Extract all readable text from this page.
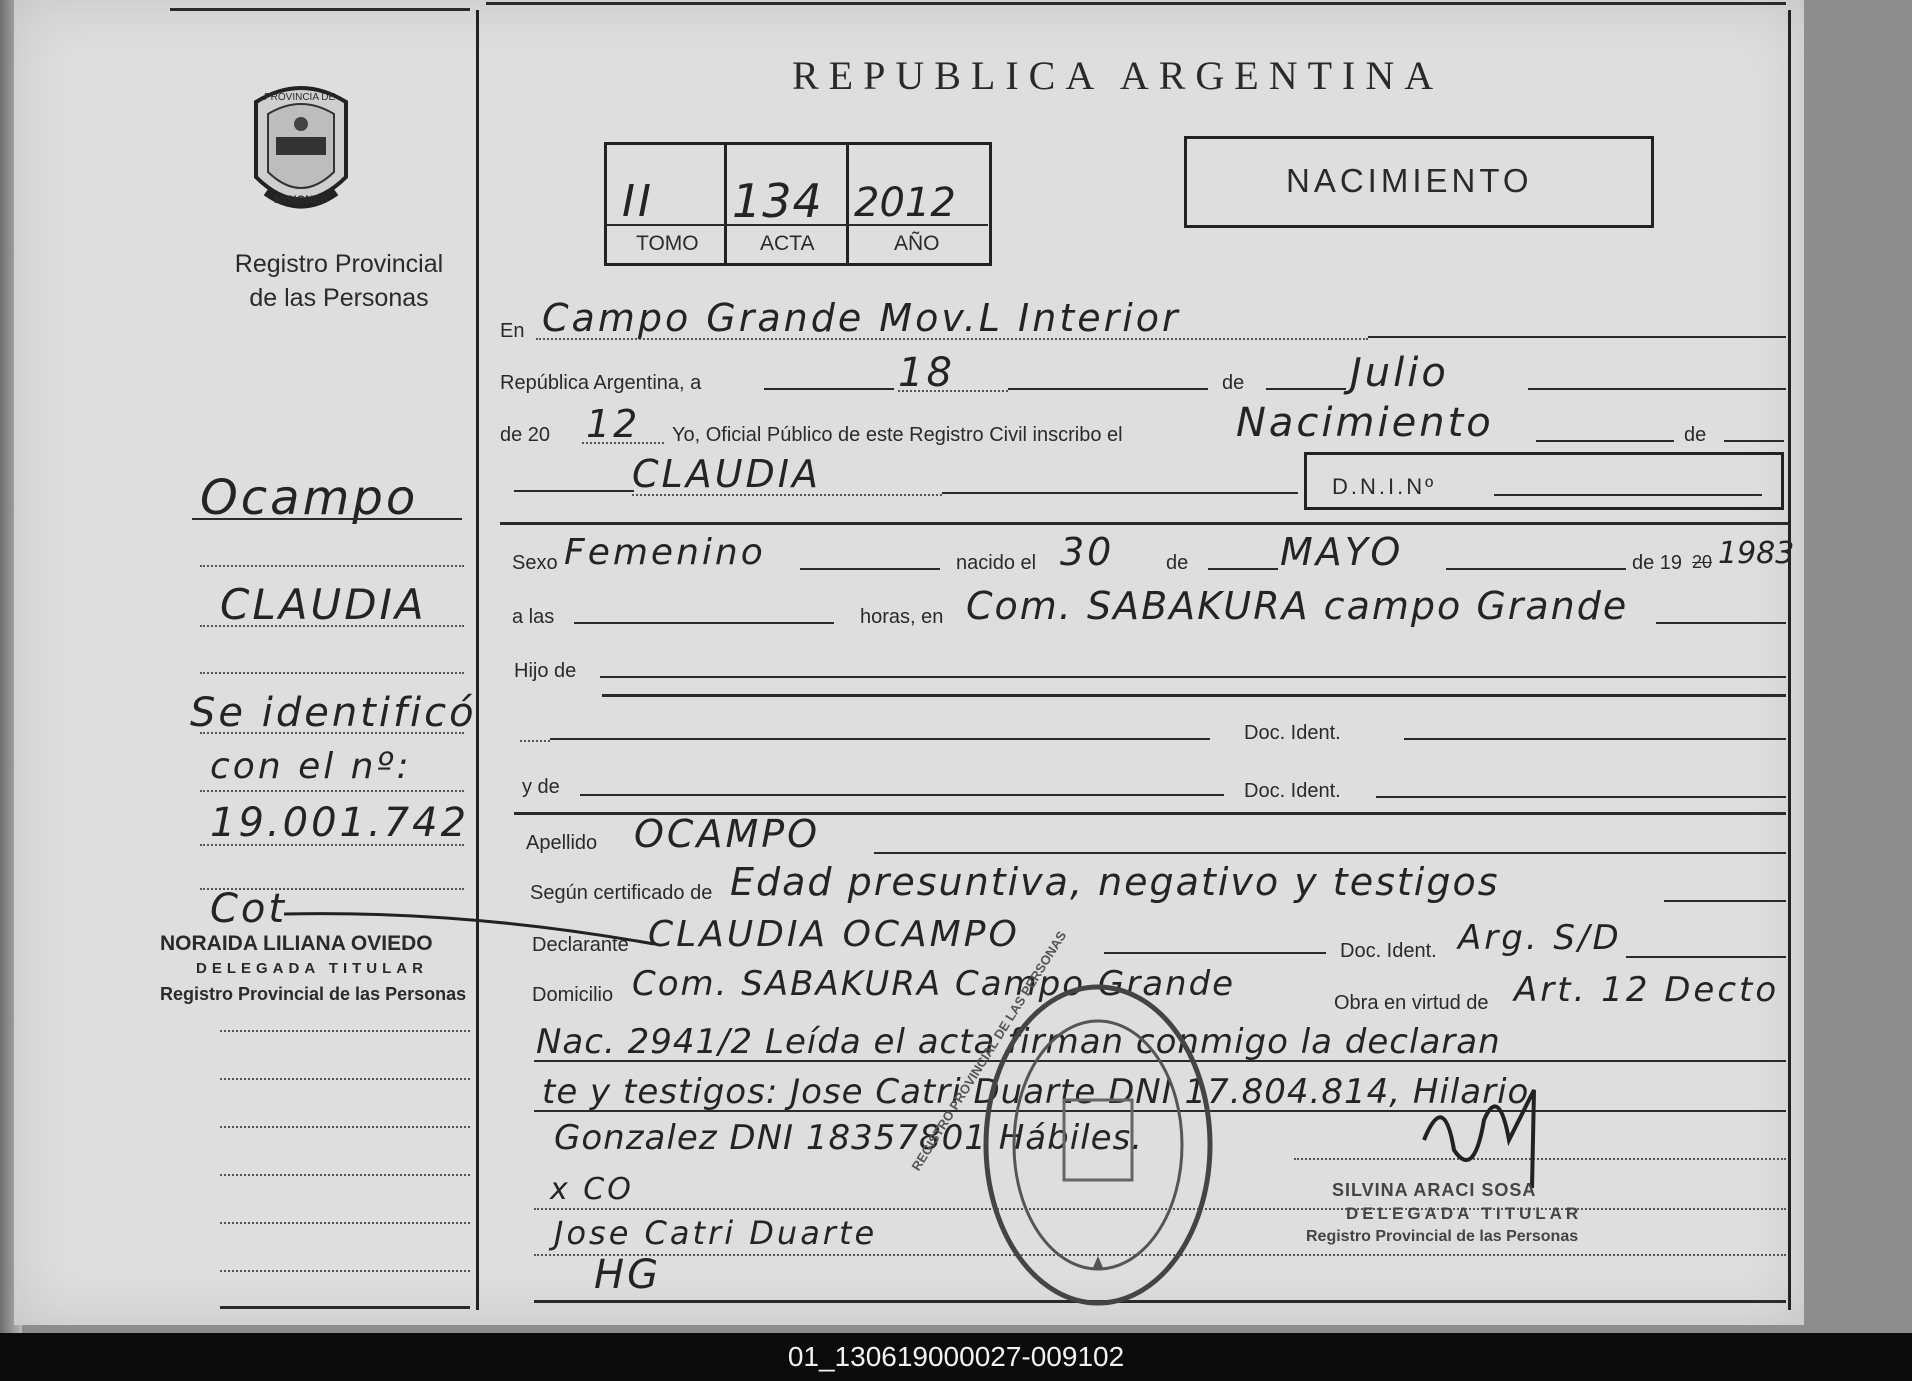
PROVINCIA DE
MISIONES
Registro Provincial
de las Personas
Ocampo
CLAUDIA
Se identificó
con el nº:
19.001.742
Cot
NORAIDA LILIANA OVIEDO
DELEGADA TITULAR
Registro Provincial de las Personas
REPUBLICA ARGENTINA
II 134 2012
TOMO	ACTA	AÑO
NACIMIENTO
En Campo Grande Mov.L Interior
República Argentina, a	18	de	Julio
de 20 12 Yo, Oficial Público de este Registro Civil inscribo el	Nacimiento	de
CLAUDIA	D.N.I.Nº
Sexo Femenino	nacido el 30	de MAYO	de 19 20 1983
a las	horas, en Com. SABAKURA campo Grande
Hijo de
Doc. Ident.
y de	Doc. Ident.
Apellido OCAMPO
Según certificado de Edad presuntiva, negativo y testigos
Declarante CLAUDIA OCAMPO	Doc. Ident. Arg. S/D
Domicilio Com. SABAKURA Campo Grande	Obra en virtud de Art. 12 Decto
Nac. 2941/2 Leída el acta firman conmigo la declaran
te y testigos: Jose Catri Duarte DNI 17.804.814, Hilario
Gonzalez DNI 18357801 Hábiles.
x CO
Jose Catri Duarte
HG
REGISTRO PROVINCIAL DE LAS PERSONAS
SILVINA ARACI SOSA
DELEGADA TITULAR
Registro Provincial de las Personas
01_130619000027-009102
